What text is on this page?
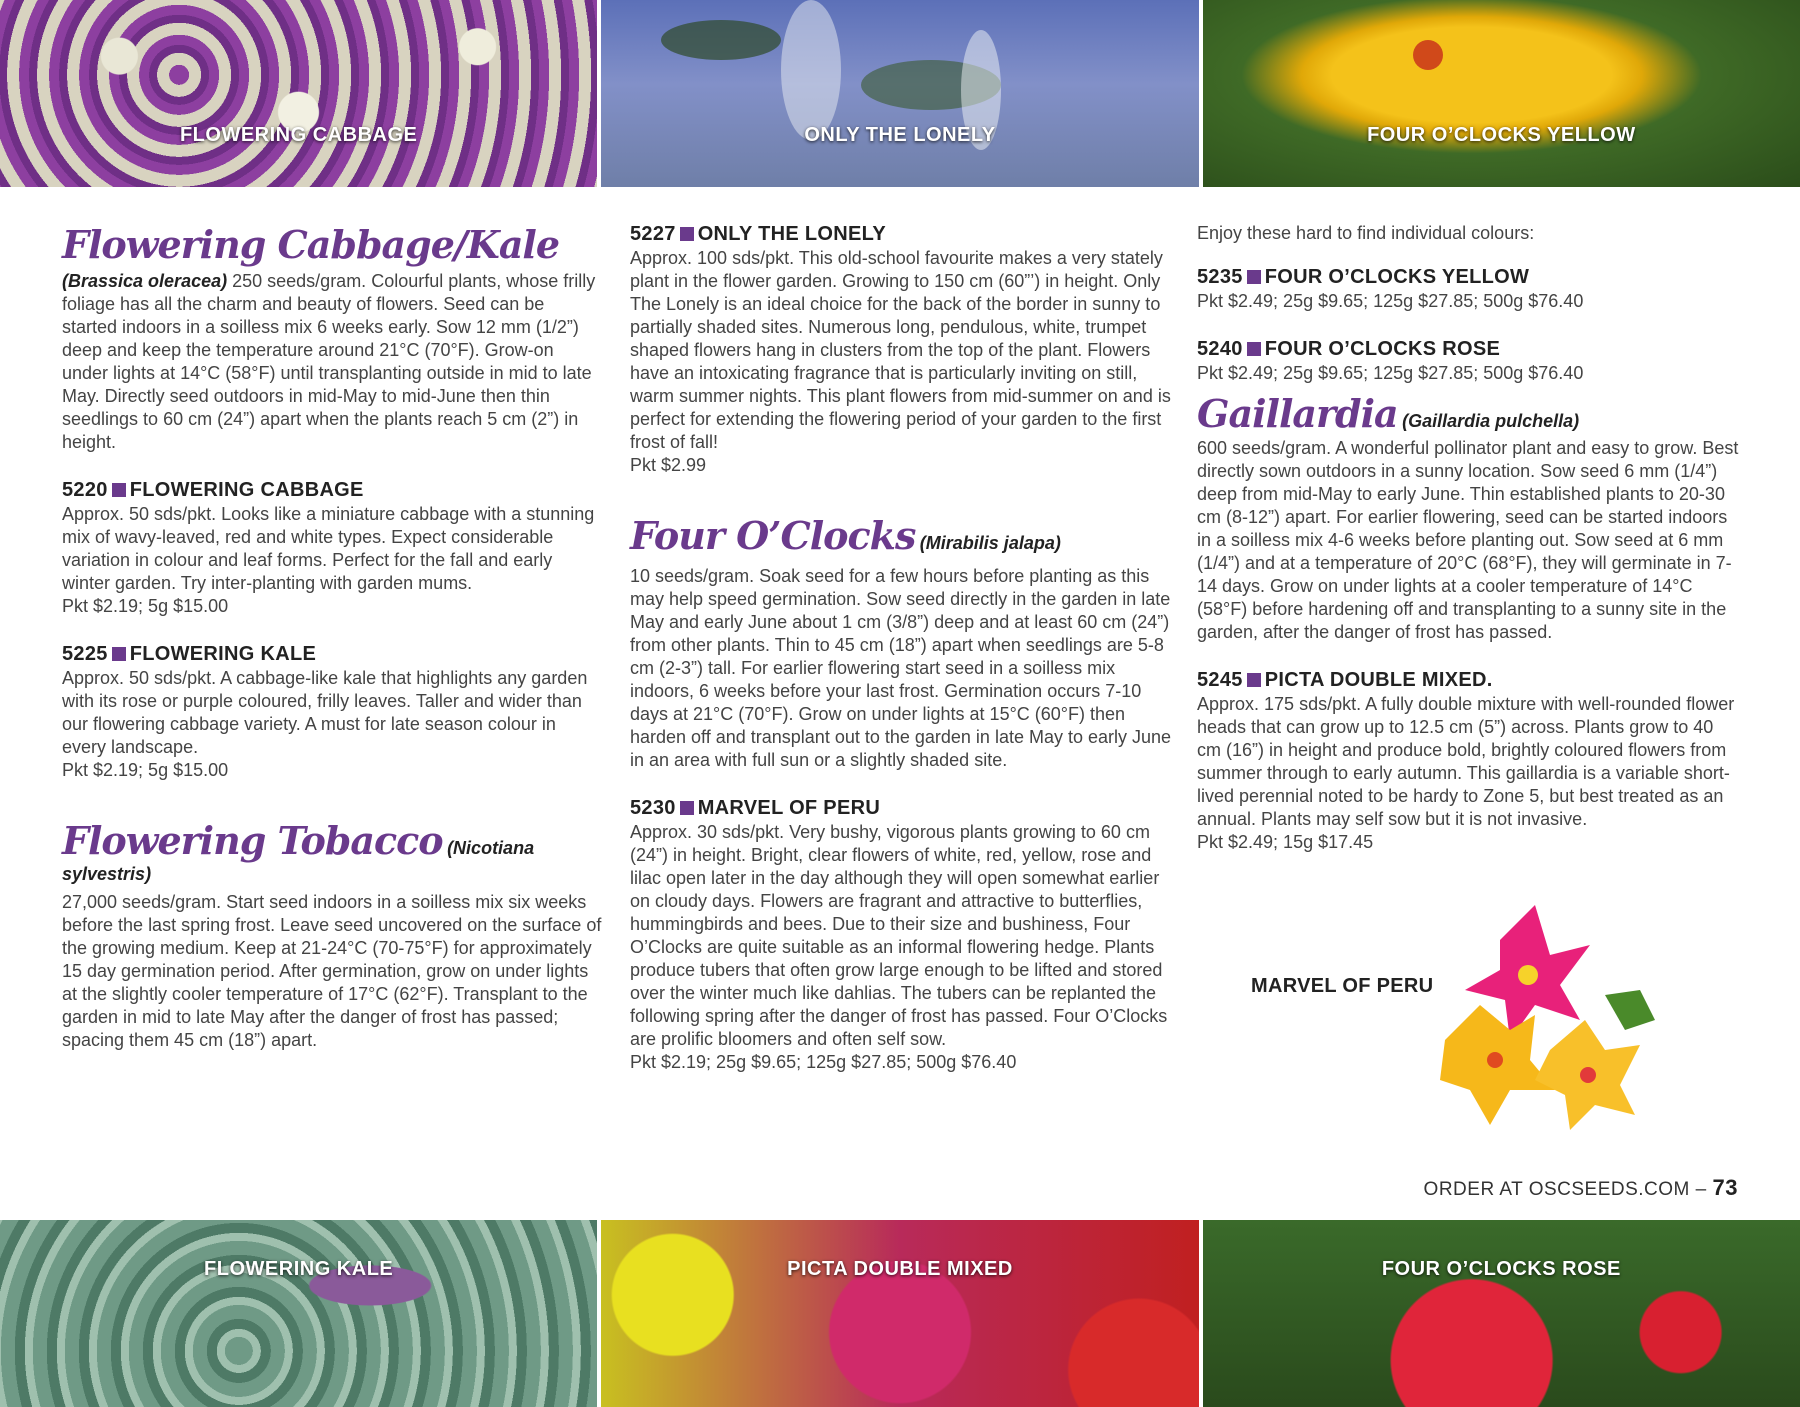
FLOWERING CABBAGE	ONLY THE LONELY	FOUR O’CLOCKS YELLOW
Flowering Cabbage/Kale

(Brassica oleracea) 250 seeds/gram. Colourful plants, whose frilly foliage has all the charm and beauty of flowers. Seed can be started indoors in a soilless mix 6 weeks early. Sow 12 mm (1/2”) deep and keep the temperature around 21°C (70°F). Grow-on under lights at 14°C (58°F) until transplanting outside in mid to late May. Directly seed outdoors in mid-May to mid-June then thin seedlings to 60 cm (24”) apart when the plants reach 5 cm (2”) in height.

5220 FLOWERING CABBAGE

Approx. 50 sds/pkt. Looks like a miniature cabbage with a stunning mix of wavy-leaved, red and white types. Expect considerable variation in colour and leaf forms. Perfect for the fall and early winter garden. Try inter-planting with garden mums.

Pkt $2.19; 5g $15.00

5225 FLOWERING KALE

Approx. 50 sds/pkt. A cabbage-like kale that highlights any garden with its rose or purple coloured, frilly leaves. Taller and wider than our flowering cabbage variety. A must for late season colour in every landscape.

Pkt $2.19; 5g $15.00

Flowering Tobacco (Nicotiana sylvestris)

27,000 seeds/gram. Start seed indoors in a soilless mix six weeks before the last spring frost. Leave seed uncovered on the surface of the growing medium. Keep at 21-24°C (70-75°F) for approximately 15 day germination period. After germination, grow on under lights at the slightly cooler temperature of 17°C (62°F). Transplant to the garden in mid to late May after the danger of frost has passed; spacing them 45 cm (18”) apart.

5227 ONLY THE LONELY

Approx. 100 sds/pkt. This old-school favourite makes a very stately plant in the flower garden. Growing to 150 cm (60”’) in height. Only The Lonely is an ideal choice for the back of the border in sunny to partially shaded sites. Numerous long, pendulous, white, trumpet shaped flowers hang in clusters from the top of the plant. Flowers have an intoxicating fragrance that is particularly inviting on still, warm summer nights. This plant flowers from mid-summer on and is perfect for extending the flowering period of your garden to the first frost of fall!

Pkt $2.99

Four O’Clocks (Mirabilis jalapa)

10 seeds/gram. Soak seed for a few hours before planting as this may help speed germination. Sow seed directly in the garden in late May and early June about 1 cm (3/8”) deep and at least 60 cm (24”) from other plants. Thin to 45 cm (18”) apart when seedlings are 5-8 cm (2-3”) tall. For earlier flowering start seed in a soilless mix indoors, 6 weeks before your last frost. Germination occurs 7-10 days at 21°C (70°F). Grow on under lights at 15°C (60°F) then harden off and transplant out to the garden in late May to early June in an area with full sun or a slightly shaded site.

5230 MARVEL OF PERU

Approx. 30 sds/pkt. Very bushy, vigorous plants growing to 60 cm (24”) in height. Bright, clear flowers of white, red, yellow, rose and lilac open later in the day although they will open somewhat earlier on cloudy days. Flowers are fragrant and attractive to butterflies, hummingbirds and bees. Due to their size and bushiness, Four O’Clocks are quite suitable as an informal flowering hedge. Plants produce tubers that often grow large enough to be lifted and stored over the winter much like dahlias. The tubers can be replanted the following spring after the danger of frost has passed. Four O’Clocks are prolific bloomers and often self sow.

Pkt $2.19; 25g $9.65; 125g $27.85; 500g $76.40

Enjoy these hard to find individual colours:

5235 FOUR O’CLOCKS YELLOW

Pkt $2.49; 25g $9.65; 125g $27.85; 500g $76.40

5240 FOUR O’CLOCKS ROSE

Pkt $2.49; 25g $9.65; 125g $27.85; 500g $76.40

Gaillardia (Gaillardia pulchella)

600 seeds/gram. A wonderful pollinator plant and easy to grow. Best directly sown outdoors in a sunny location. Sow seed 6 mm (1/4”) deep from mid-May to early June. Thin established plants to 20-30 cm (8-12”) apart. For earlier flowering, seed can be started indoors in a soilless mix 4-6 weeks before planting out. Sow seed at 6 mm (1/4”) and at a temperature of 20°C (68°F), they will germinate in 7-14 days. Grow on under lights at a cooler temperature of 14°C (58°F) before hardening off and transplanting to a sunny site in the garden, after the danger of frost has passed.

5245 PICTA DOUBLE MIXED.

Approx. 175 sds/pkt. A fully double mixture with well-rounded flower heads that can grow up to 12.5 cm (5”) across. Plants grow to 40 cm (16”) in height and produce bold, brightly coloured flowers from summer through to early autumn. This gaillardia is a variable short-lived perennial noted to be hardy to Zone 5, but best treated as an annual. Plants may self sow but it is not invasive.

Pkt $2.49; 15g $17.45

MARVEL OF PERU
ORDER AT OSCSEEDS.COM – 73
FLOWERING KALE	PICTA DOUBLE MIXED	FOUR O’CLOCKS ROSE
